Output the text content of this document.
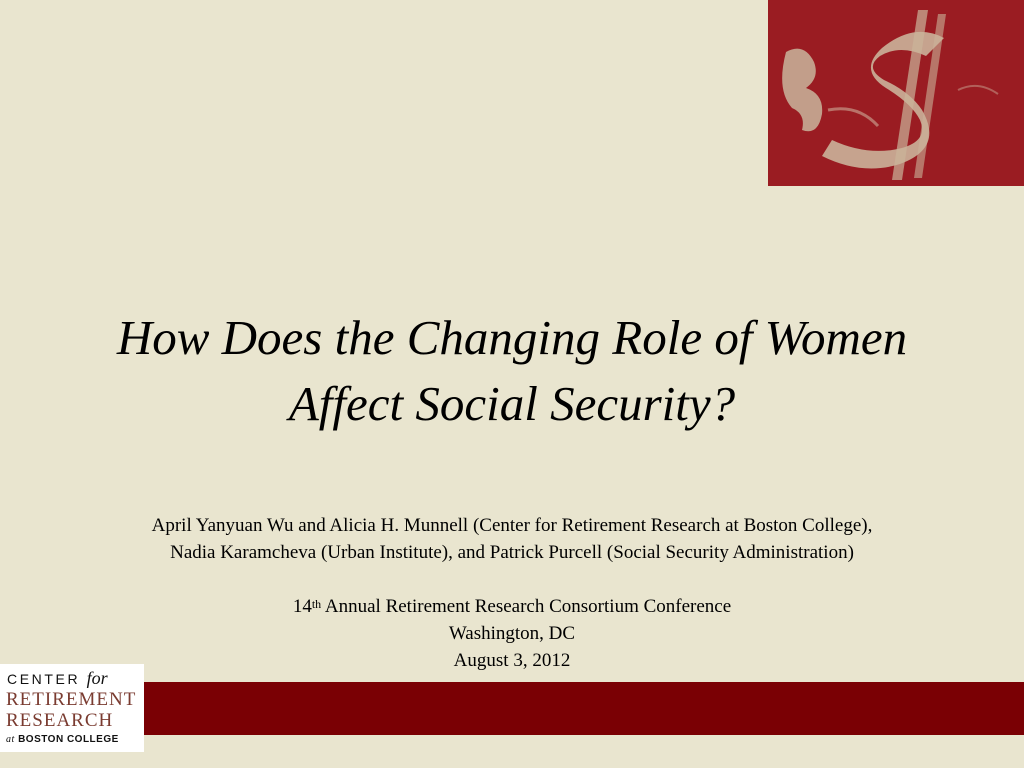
How Does the Changing Role of Women
Affect Social Security?
April Yanyuan Wu and Alicia H. Munnell (Center for Retirement Research at Boston College),
Nadia Karamcheva (Urban Institute), and Patrick Purcell (Social Security Administration)
14th Annual Retirement Research Consortium Conference
Washington, DC
August 3, 2012
CENTER for
RETIREMENT
RESEARCH
at BOSTON COLLEGE
